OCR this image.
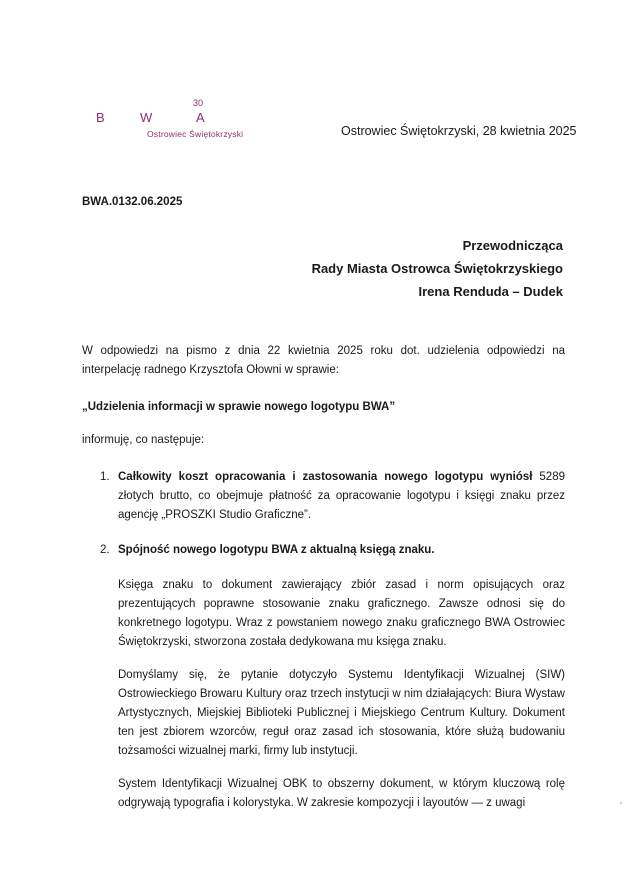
30
B	W	A
Ostrowiec Świętokrzyski	Ostrowiec Świętokrzyski, 28 kwietnia 2025
BWA.0132.06.2025
Przewodnicząca
Rady Miasta Ostrowca Świętokrzyskiego
Irena Renduda – Dudek
W odpowiedzi na pismo z dnia 22 kwietnia 2025 roku dot. udzielenia odpowiedzi na interpelację radnego Krzysztofa Ołowni w sprawie:
„Udzielenia informacji w sprawie nowego logotypu BWA”
informuję, co następuje:
1. Całkowity koszt opracowania i zastosowania nowego logotypu wyniósł 5289 złotych brutto, co obejmuje płatność za opracowanie logotypu i księgi znaku przez agencję „PROSZKI Studio Graficzne”.
2. Spójność nowego logotypu BWA z aktualną księgą znaku.
Księga znaku to dokument zawierający zbiór zasad i norm opisujących oraz prezentujących poprawne stosowanie znaku graficznego. Zawsze odnosi się do konkretnego logotypu. Wraz z powstaniem nowego znaku graficznego BWA Ostrowiec Świętokrzyski, stworzona została dedykowana mu księga znaku.
Domyślamy się, że pytanie dotyczyło Systemu Identyfikacji Wizualnej (SIW) Ostrowieckiego Browaru Kultury oraz trzech instytucji w nim działających: Biura Wystaw Artystycznych, Miejskiej Biblioteki Publicznej i Miejskiego Centrum Kultury. Dokument ten jest zbiorem wzorców, reguł oraz zasad ich stosowania, które służą budowaniu tożsamości wizualnej marki, firmy lub instytucji.
System Identyfikacji Wizualnej OBK to obszerny dokument, w którym kluczową rolę odgrywają typografia i kolorystyka. W zakresie kompozycji i layoutów — z uwagi
